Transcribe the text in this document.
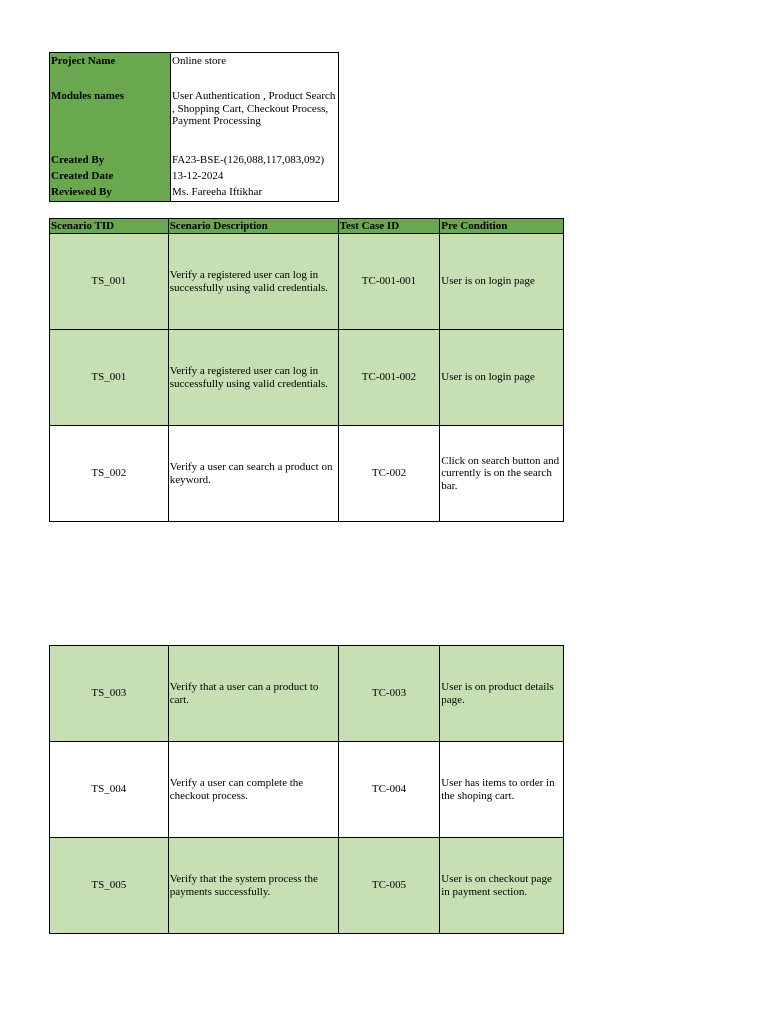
Project Name	Online store
Modules names	User Authentication , Product Search , Shopping Cart, Checkout Process, Payment Processing
Created By	FA23-BSE-(126,088,117,083,092)
Created Date	13-12-2024
Reviewed By	Ms. Fareeha Iftikhar
Scenario TID	Scenario Description	Test Case ID	Pre Condition
TS_001	Verify a registered user can log in successfully using valid credentials.	TC-001-001	User is on login page
TS_001	Verify a registered user can log in successfully using valid credentials.	TC-001-002	User is on login page
TS_002	Verify a user can search a product on keyword.	TC-002	Click on search button and currently is on the search bar.
TS_003	Verify that a user can a product to cart.	TC-003	User is on product details page.
TS_004	Verify a user can complete the checkout process.	TC-004	User has items to order in the shoping cart.
TS_005	Verify that the system process the payments successfully.	TC-005	User is on checkout page in payment section.
